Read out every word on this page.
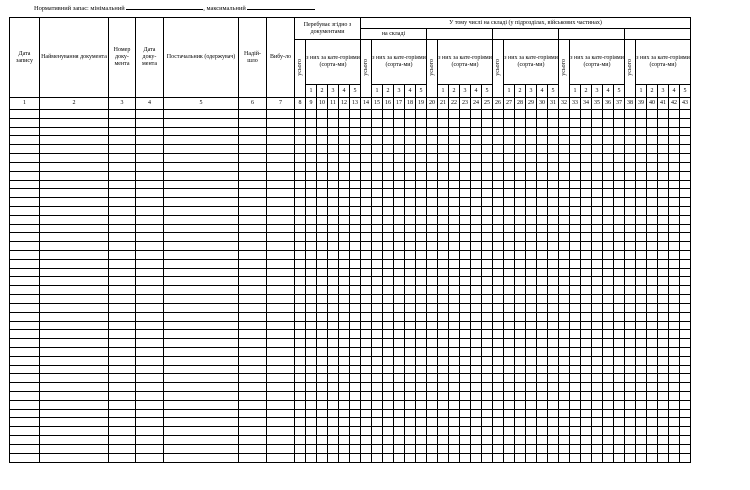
Нормативний запас: мінімальний	, максимальний
Дата запису	Найменування документа	Номер доку-мента	Дата доку-мента	Постачальник (одержувач)	Надій-шло	Вибу-ло	Перебуває згідно з документами						У тому числі на складі (у підрозділах, військових частинах)																													
													на складі																													
							усього	з них за кате-горіями (сорта-ми)					усього	з них за кате-горіями (сорта-ми)					усього	з них за кате-горіями (сорта-ми)					усього	з них за кате-горіями (сорта-ми)					усього	з них за кате-горіями (сорта-ми)					усього	з них за кате-горіями (сорта-ми)				
								1	2	3	4	5		1	2	3	4	5		1	2	3	4	5		1	2	3	4	5		1	2	3	4	5		1	2	3	4	5
1	2	3	4	5	6	7	8	9	10	11	12	13	14	15	16	17	18	19	20	21	22	23	24	25	26	27	28	29	30	31	32	33	34	35	36	37	38	39	40	41	42	43
